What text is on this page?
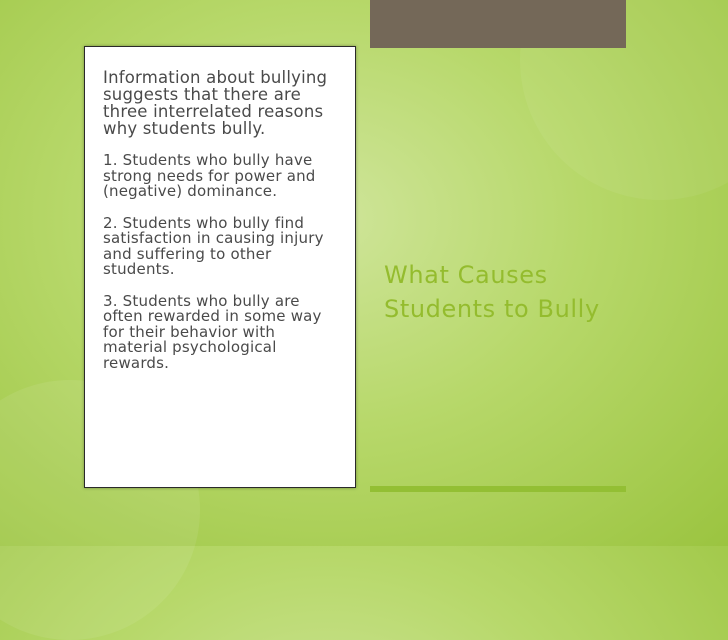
Information about bullying suggests that there are three interrelated reasons why students bully.

1. Students who bully have strong needs for power and (negative) dominance.

2. Students who bully find satisfaction in causing injury and suffering to other   students.

3. Students who bully are often rewarded in some way for their behavior with material psychological rewards.

What Causes
Students to Bully
